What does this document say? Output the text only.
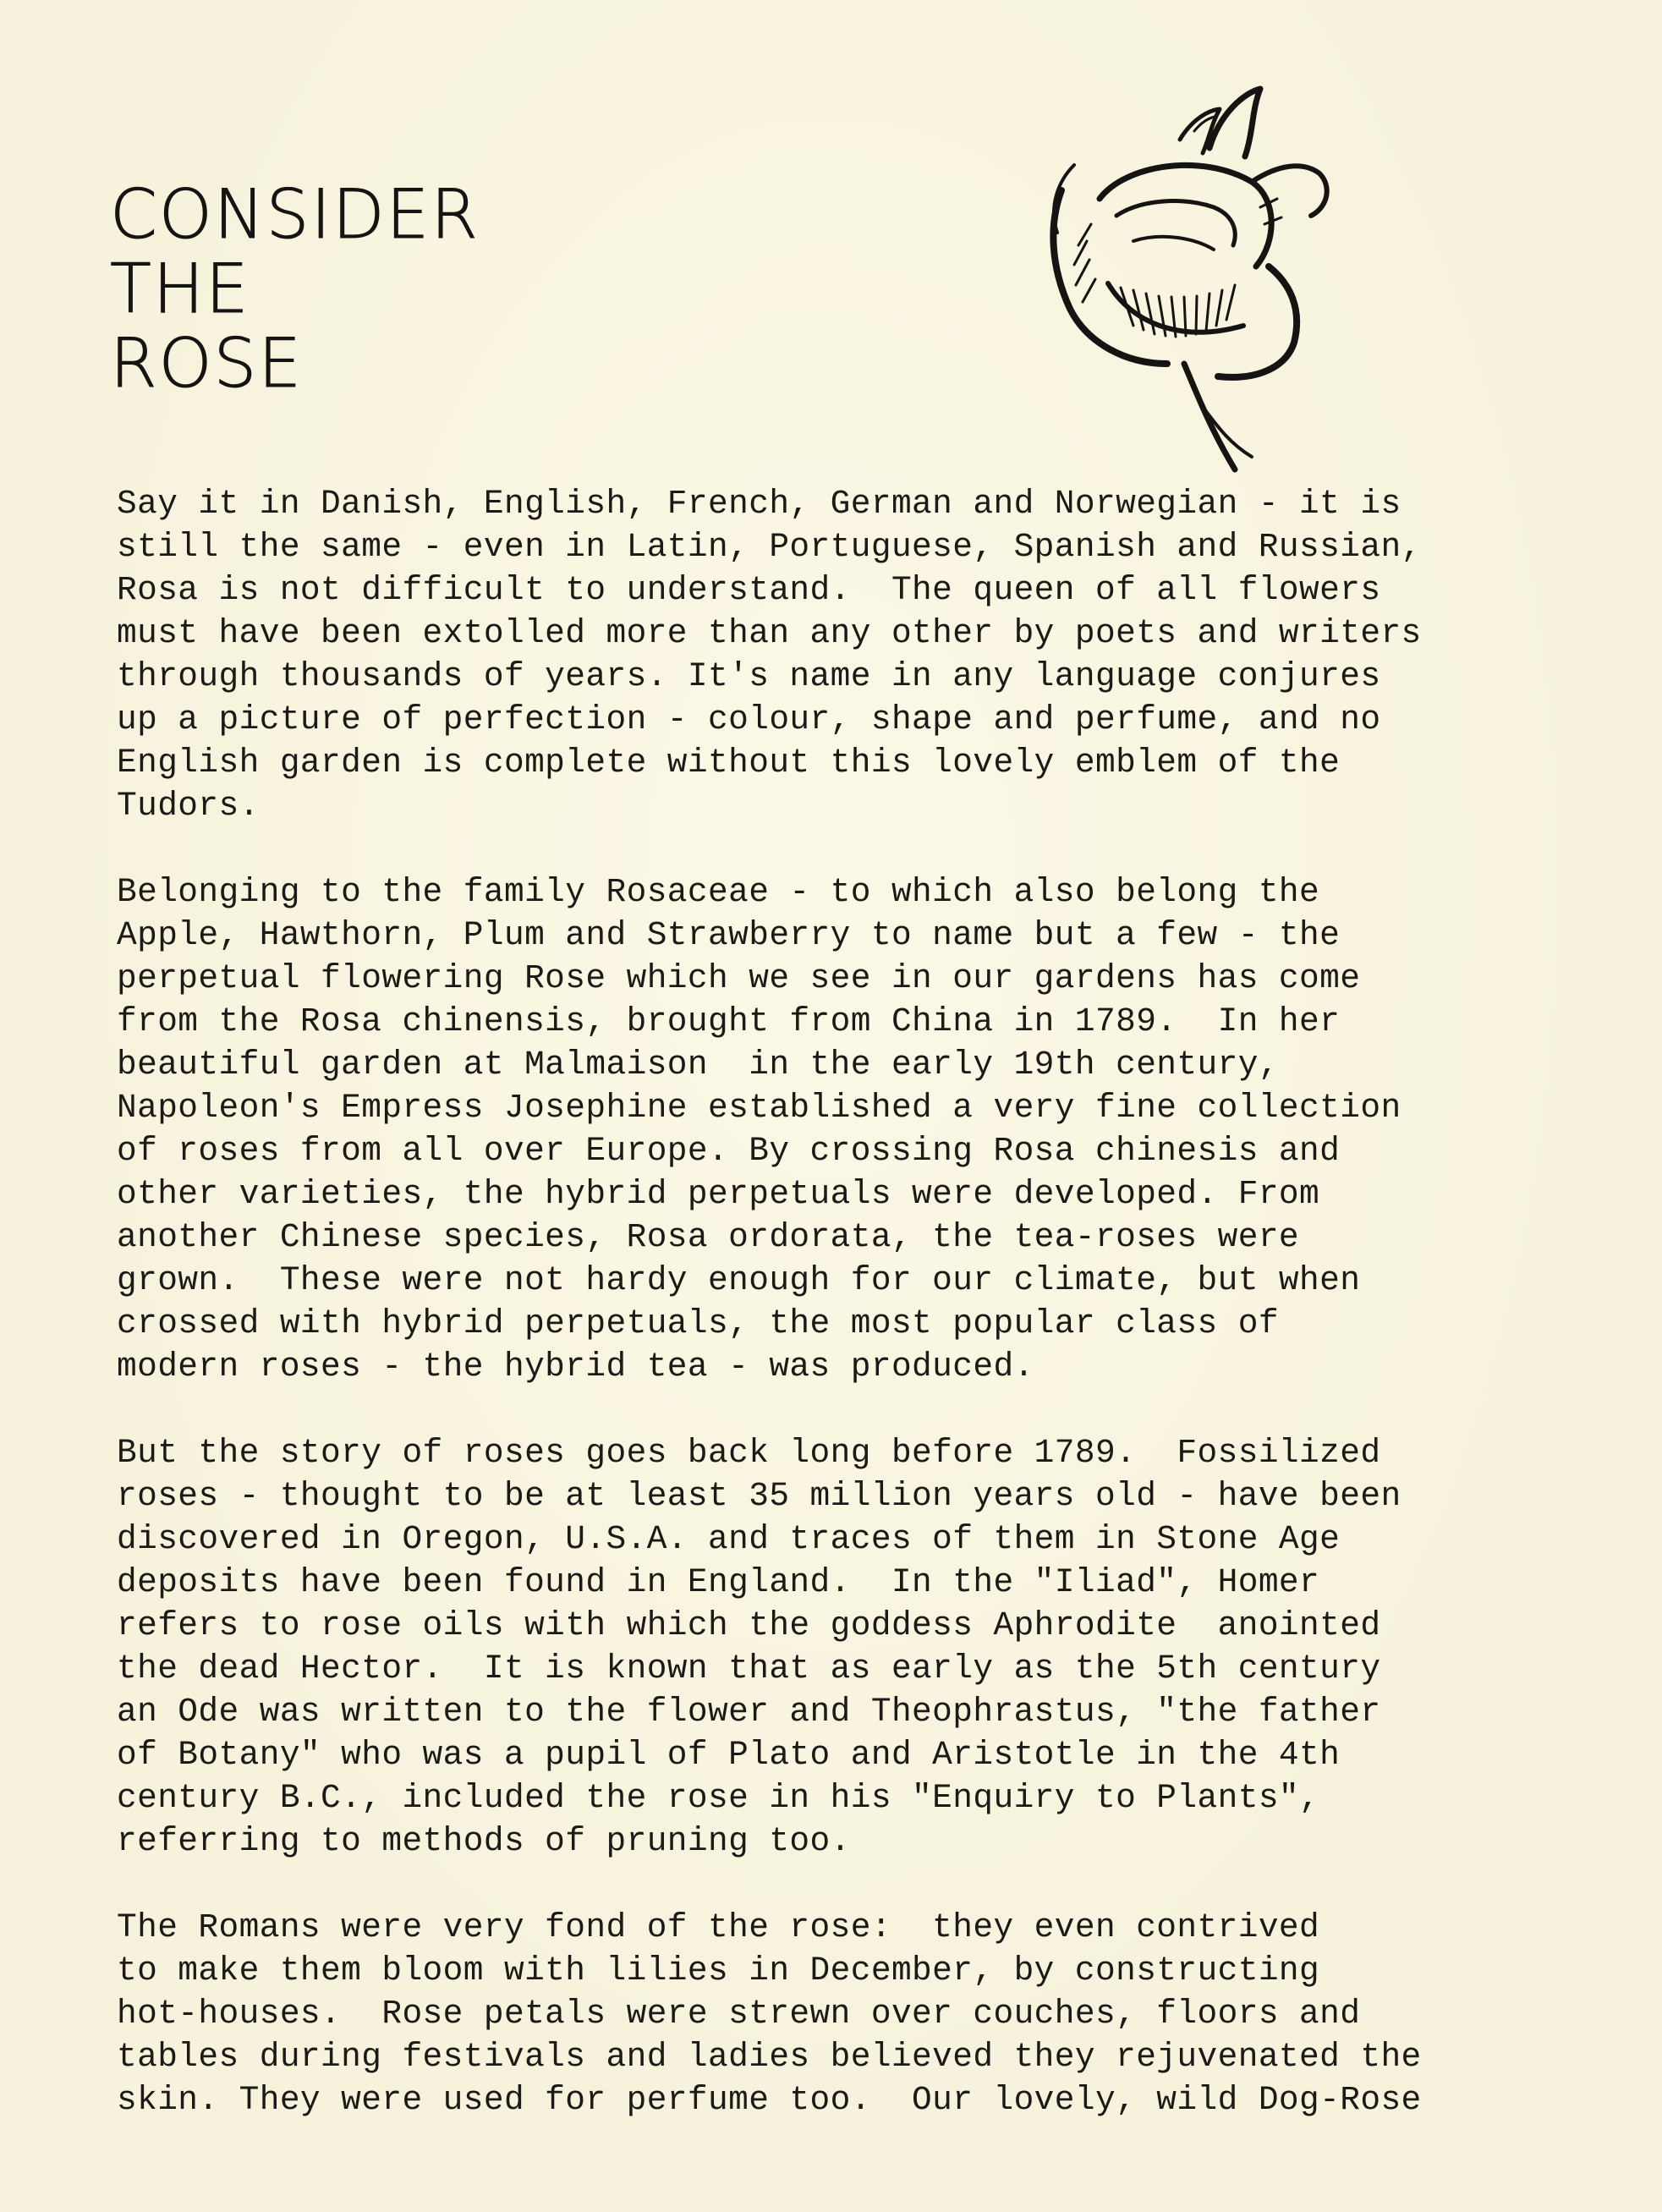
CONSIDER
THE
ROSE

Say it in Danish, English, French, German and Norwegian - it is
still the same - even in Latin, Portuguese, Spanish and Russian,
Rosa is not difficult to understand.  The queen of all flowers
must have been extolled more than any other by poets and writers
through thousands of years. It's name in any language conjures
up a picture of perfection - colour, shape and perfume, and no
English garden is complete without this lovely emblem of the
Tudors.

Belonging to the family Rosaceae - to which also belong the
Apple, Hawthorn, Plum and Strawberry to name but a few - the
perpetual flowering Rose which we see in our gardens has come
from the Rosa chinensis, brought from China in 1789.  In her
beautiful garden at Malmaison  in the early 19th century,
Napoleon's Empress Josephine established a very fine collection
of roses from all over Europe. By crossing Rosa chinesis and
other varieties, the hybrid perpetuals were developed. From
another Chinese species, Rosa ordorata, the tea-roses were
grown.  These were not hardy enough for our climate, but when
crossed with hybrid perpetuals, the most popular class of
modern roses - the hybrid tea - was produced.

But the story of roses goes back long before 1789.  Fossilized
roses - thought to be at least 35 million years old - have been
discovered in Oregon, U.S.A. and traces of them in Stone Age
deposits have been found in England.  In the "Iliad", Homer
refers to rose oils with which the goddess Aphrodite  anointed
the dead Hector.  It is known that as early as the 5th century
an Ode was written to the flower and Theophrastus, "the father
of Botany" who was a pupil of Plato and Aristotle in the 4th
century B.C., included the rose in his "Enquiry to Plants",
referring to methods of pruning too.

The Romans were very fond of the rose:  they even contrived
to make them bloom with lilies in December, by constructing
hot-houses.  Rose petals were strewn over couches, floors and
tables during festivals and ladies believed they rejuvenated the
skin. They were used for perfume too.  Our lovely, wild Dog-Rose
